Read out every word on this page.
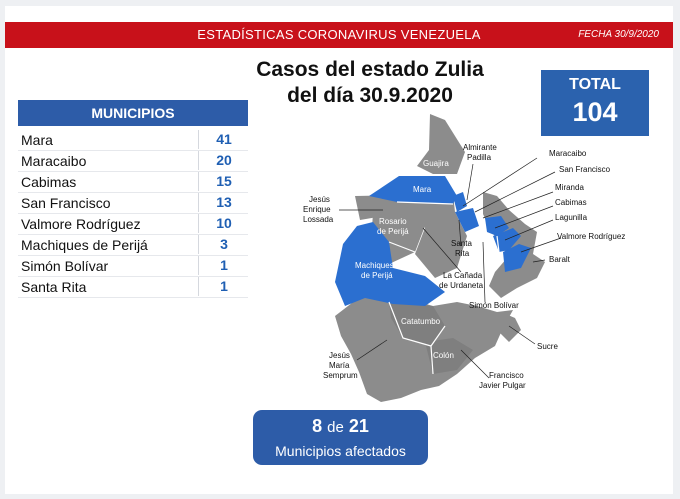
ESTADÍSTICAS CORONAVIRUS VENEZUELA	FECHA 30/9/2020
Casos del estado Zulia
del día 30.9.2020	TOTAL
104
MUNICIPIOS
Mara	41
Maracaibo	20
Cabimas	15
San Francisco	13
Valmore Rodríguez	10
Machiques de Perijá	3
Simón Bolívar	1
Santa Rita	1
Guajira
Mara
Rosario
de Perijá
Machiques
de Perijá
Catatumbo
Colón
Almirante
Padilla	Maracaibo
San Francisco
Miranda
Cabimas
Lagunilla
Valmore Rodríguez
Baralt
Jesús
Enrique
Lossada
Santa
Rita
La Cañada
de Urdaneta
Simón Bolívar
Sucre
Jesús
María
Semprum	Francisco
Javier Pulgar
8 de 21
Municipios afectados
